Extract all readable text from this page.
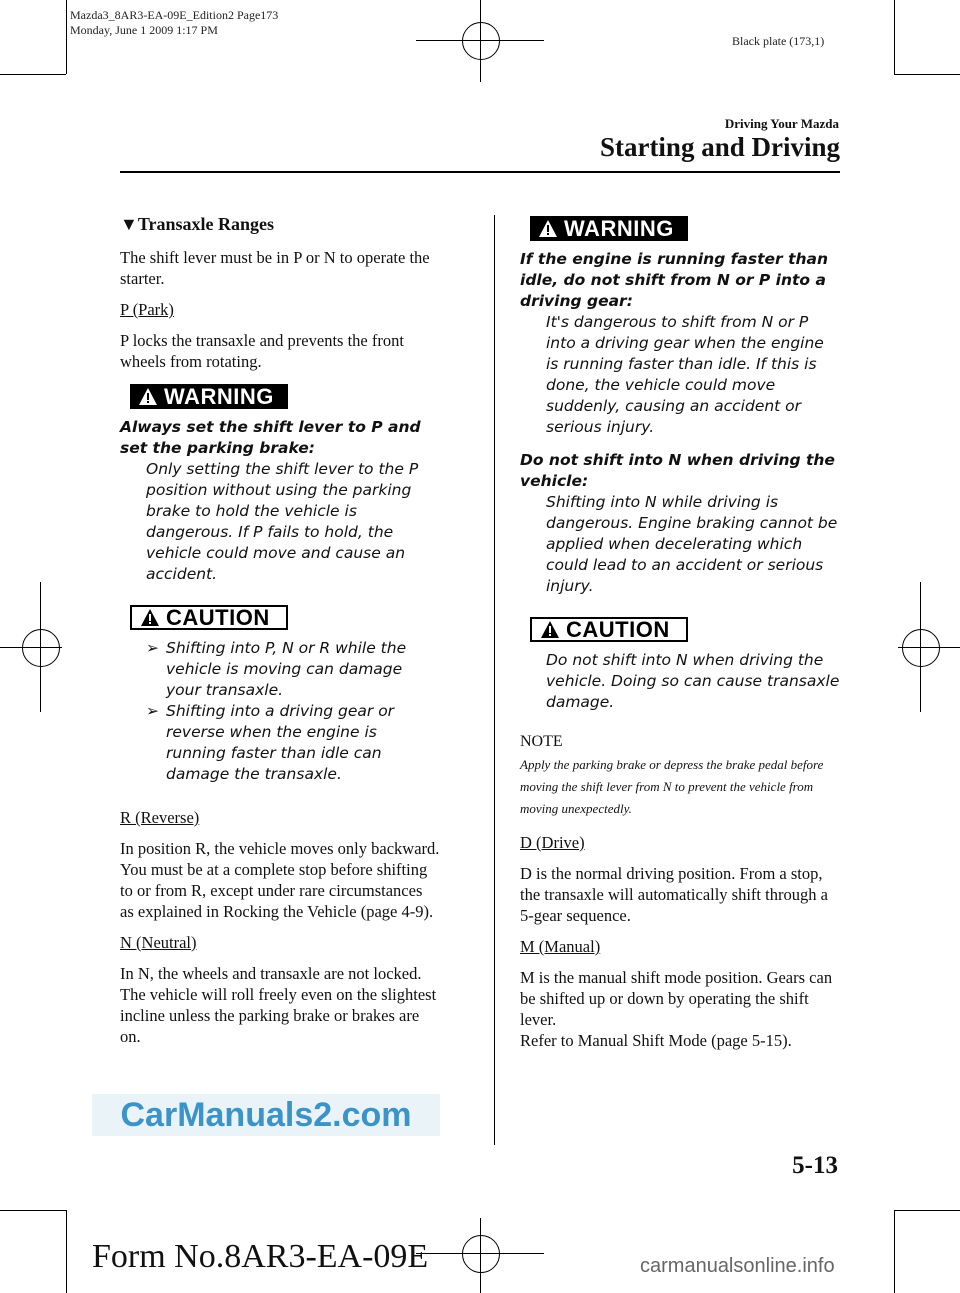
Mazda3_8AR3-EA-09E_Edition2 Page173
Monday, June 1 2009 1:17 PM
Black plate (173,1)
Driving Your Mazda
Starting and Driving
▼Transaxle Ranges

The shift lever must be in P or N to operate the starter.

P (Park)

P locks the transaxle and prevents the front wheels from rotating.

WARNING
Always set the shift lever to P and set the parking brake:
Only setting the shift lever to the P position without using the parking brake to hold the vehicle is dangerous. If P fails to hold, the vehicle could move and cause an accident.
CAUTION
➢ Shifting into P, N or R while the vehicle is moving can damage your transaxle.
➢ Shifting into a driving gear or reverse when the engine is running faster than idle can damage the transaxle.

R (Reverse)

In position R, the vehicle moves only backward. You must be at a complete stop before shifting to or from R, except under rare circumstances as explained in Rocking the Vehicle (page 4-9).

N (Neutral)

In N, the wheels and transaxle are not locked. The vehicle will roll freely even on the slightest incline unless the parking brake or brakes are on.

WARNING
If the engine is running faster than idle, do not shift from N or P into a driving gear:
It's dangerous to shift from N or P into a driving gear when the engine is running faster than idle. If this is done, the vehicle could move suddenly, causing an accident or serious injury.
Do not shift into N when driving the vehicle:
Shifting into N while driving is dangerous. Engine braking cannot be applied when decelerating which could lead to an accident or serious injury.
CAUTION
Do not shift into N when driving the vehicle. Doing so can cause transaxle damage.
NOTE
Apply the parking brake or depress the brake pedal before moving the shift lever from N to prevent the vehicle from moving unexpectedly.

D (Drive)

D is the normal driving position. From a stop, the transaxle will automatically shift through a 5-gear sequence.

M (Manual)

M is the manual shift mode position. Gears can be shifted up or down by operating the shift lever.

Refer to Manual Shift Mode (page 5-15).

CarManuals2.com
5-13
Form No.8AR3-EA-09E	carmanualsonline.info
